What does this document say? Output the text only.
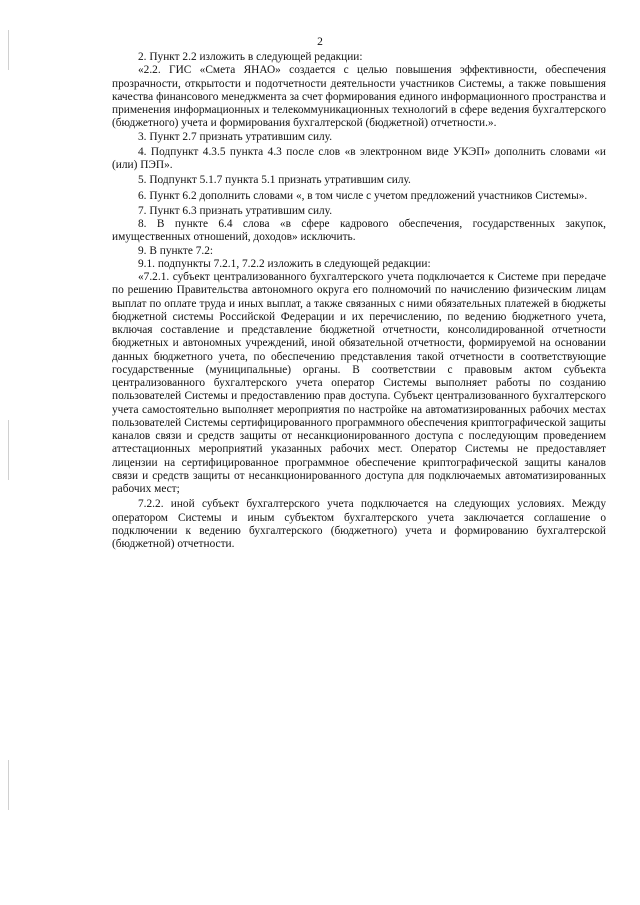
2

2. Пункт 2.2 изложить в следующей редакции:

«2.2. ГИС «Смета ЯНАО» создается с целью повышения эффективности, обеспечения прозрачности, открытости и подотчетности деятельности участников Системы, а также повышения качества финансового менеджмента за счет формирования единого информационного пространства и применения информационных и телекоммуникационных технологий в сфере ведения бухгалтерского (бюджетного) учета и формирования бухгалтерской (бюджетной) отчетности.».

3. Пункт 2.7 признать утратившим силу.

4. Подпункт 4.3.5 пункта 4.3 после слов «в электронном виде УКЭП» дополнить словами «и (или) ПЭП».

5. Подпункт 5.1.7 пункта 5.1 признать утратившим силу.

6. Пункт 6.2 дополнить словами «, в том числе с учетом предложений участников Системы».

7. Пункт 6.3 признать утратившим силу.

8. В пункте 6.4 слова «в сфере кадрового обеспечения, государственных закупок, имущественных отношений, доходов» исключить.

9. В пункте 7.2:

9.1. подпункты 7.2.1, 7.2.2 изложить в следующей редакции:

«7.2.1. субъект централизованного бухгалтерского учета подключается к Системе при передаче по решению Правительства автономного округа его полномочий по начислению физическим лицам выплат по оплате труда и иных выплат, а также связанных с ними обязательных платежей в бюджеты бюджетной системы Российской Федерации и их перечислению, по ведению бюджетного учета, включая составление и представление бюджетной отчетности, консолидированной отчетности бюджетных и автономных учреждений, иной обязательной отчетности, формируемой на основании данных бюджетного учета, по обеспечению представления такой отчетности в соответствующие государственные (муниципальные) органы. В соответствии с правовым актом субъекта централизованного бухгалтерского учета оператор Системы выполняет работы по созданию пользователей Системы и предоставлению прав доступа. Субъект централизованного бухгалтерского учета самостоятельно выполняет мероприятия по настройке на автоматизированных рабочих местах пользователей Системы сертифицированного программного обеспечения криптографической защиты каналов связи и средств защиты от несанкционированного доступа с последующим проведением аттестационных мероприятий указанных рабочих мест. Оператор Системы не предоставляет лицензии на сертифицированное программное обеспечение криптографической защиты каналов связи и средств защиты от несанкционированного доступа для подключаемых автоматизированных рабочих мест;

7.2.2. иной субъект бухгалтерского учета подключается на следующих условиях. Между оператором Системы и иным субъектом бухгалтерского учета заключается соглашение о подключении к ведению бухгалтерского (бюджетного) учета и формированию бухгалтерской (бюджетной) отчетности.
